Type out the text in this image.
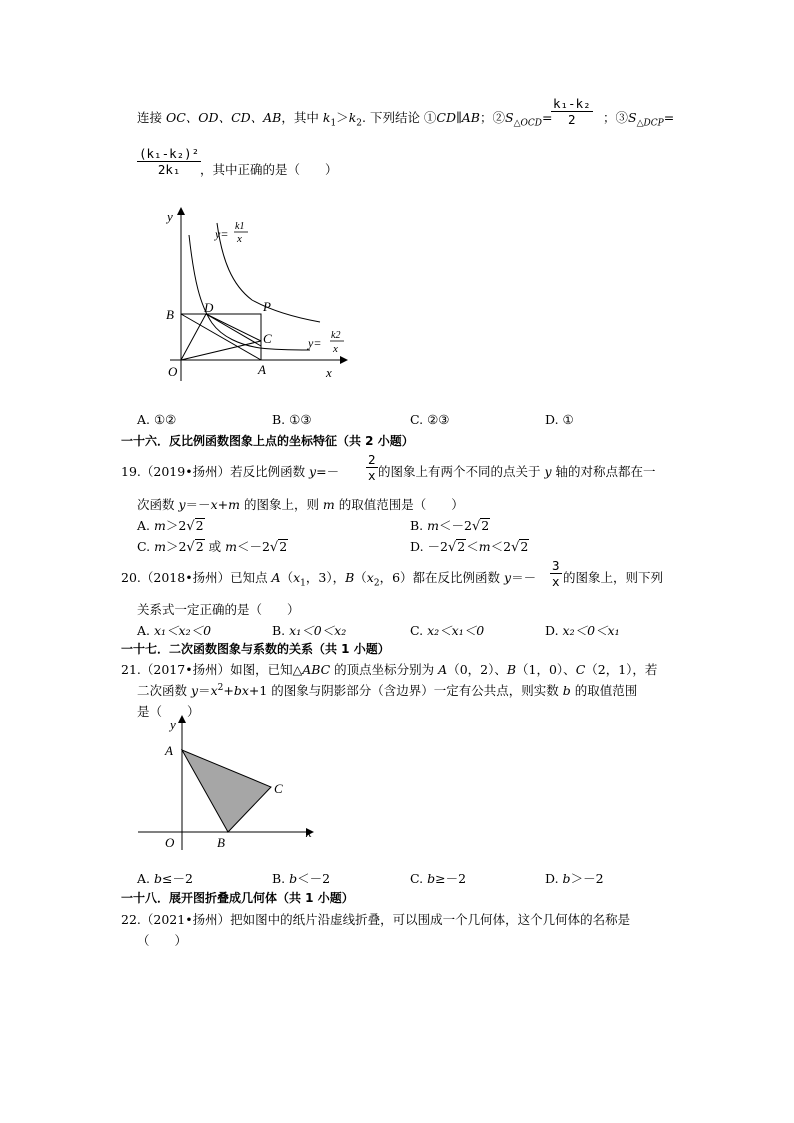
连接 OC、OD、CD、AB，其中 $k_1>k_2$. 下列结论 ①CD∥AB；$②S_{\triangle OCD}=$
$\frac{\text{k₁-k₂}}{2}$ ；$③S_{\triangle DCP}=$
$\frac{\text{(k₁-k₂)²}}{\text{2k₁}}$
，其中正确的是（　　）
y
x
O	A
B
C
D	P
y=
k1
x
y=
k2
x
A. ①②	B. ①③	C. ②③	D. ①
一十六．反比例函数图象上点的坐标特征（共 2 小题）
19.（2019•扬州）若反比例函数 $y=- \frac{2}{x}$ 的图象上有两个不同的点关于 y 轴的对称点都在一
次函数 y＝－x+m 的图象上，则 m 的取值范围是（　　）
A. m＞2√2	B. m＜－2√2
C. m＞2√2 或 m＜－2√2	D. －2√2＜m＜2√2
20.（2018•扬州）已知点 $A(x_1$，3），$B(x_2$，6）都在反比例函数 $y=- \frac{3}{x}$ 的图象上，则下列
关系式一定正确的是（　　）
A. x₁＜x₂＜0	B. x₁＜0＜x₂	C. x₂＜x₁＜0	D. x₂＜0＜x₁
一十七．二次函数图象与系数的关系（共 1 小题）
21.（2017•扬州）如图，已知△ABC 的顶点坐标分别为 A（0，2）、B（1，0）、C（2，1），若
二次函数 $y=x^2+bx+1$ 的图象与阴影部分（含边界）一定有公共点，则实数 b 的取值范围
是（　　）
y
x
O
A
B
C
A. b≤－2	B. b＜－2	C. b≥－2	D. b＞－2
一十八．展开图折叠成几何体（共 1 小题）
22.（2021•扬州）把如图中的纸片沿虚线折叠，可以围成一个几何体，这个几何体的名称是
（　　）
